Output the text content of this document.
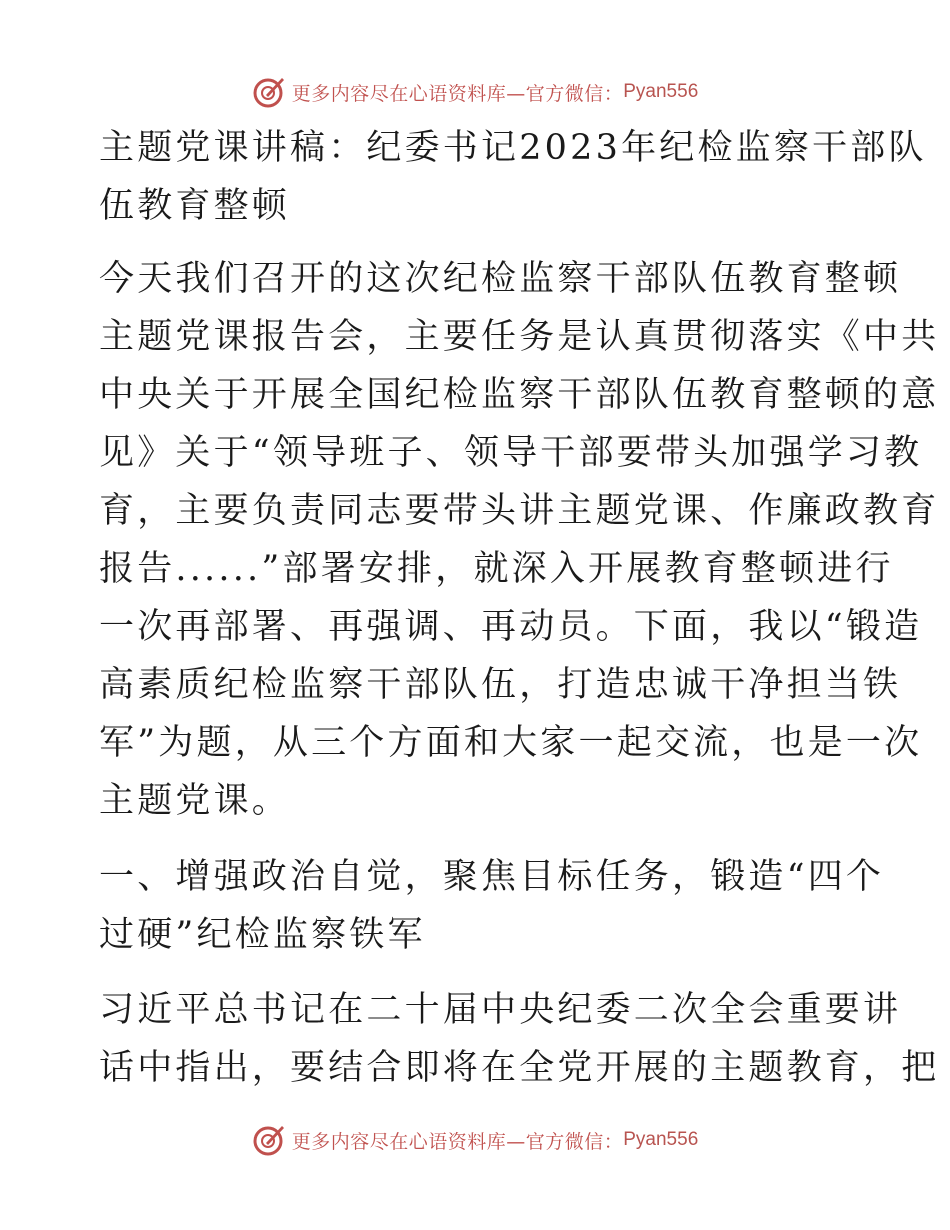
更多内容尽在心语资料库—官方微信： Pyan556
主题党课讲稿：纪委书记2023年纪检监察干部队
伍教育整顿
今天我们召开的这次纪检监察干部队伍教育整顿
主题党课报告会，主要任务是认真贯彻落实《中共
中央关于开展全国纪检监察干部队伍教育整顿的意
见》关于“领导班子、领导干部要带头加强学习教
育，主要负责同志要带头讲主题党课、作廉政教育
报告......”部署安排，就深入开展教育整顿进行
一次再部署、再强调、再动员。下面，我以“锻造
高素质纪检监察干部队伍，打造忠诚干净担当铁
军”为题，从三个方面和大家一起交流，也是一次
主题党课。
一、增强政治自觉，聚焦目标任务，锻造“四个
过硬”纪检监察铁军
习近平总书记在二十届中央纪委二次全会重要讲
话中指出，要结合即将在全党开展的主题教育，把
更多内容尽在心语资料库—官方微信： Pyan556
